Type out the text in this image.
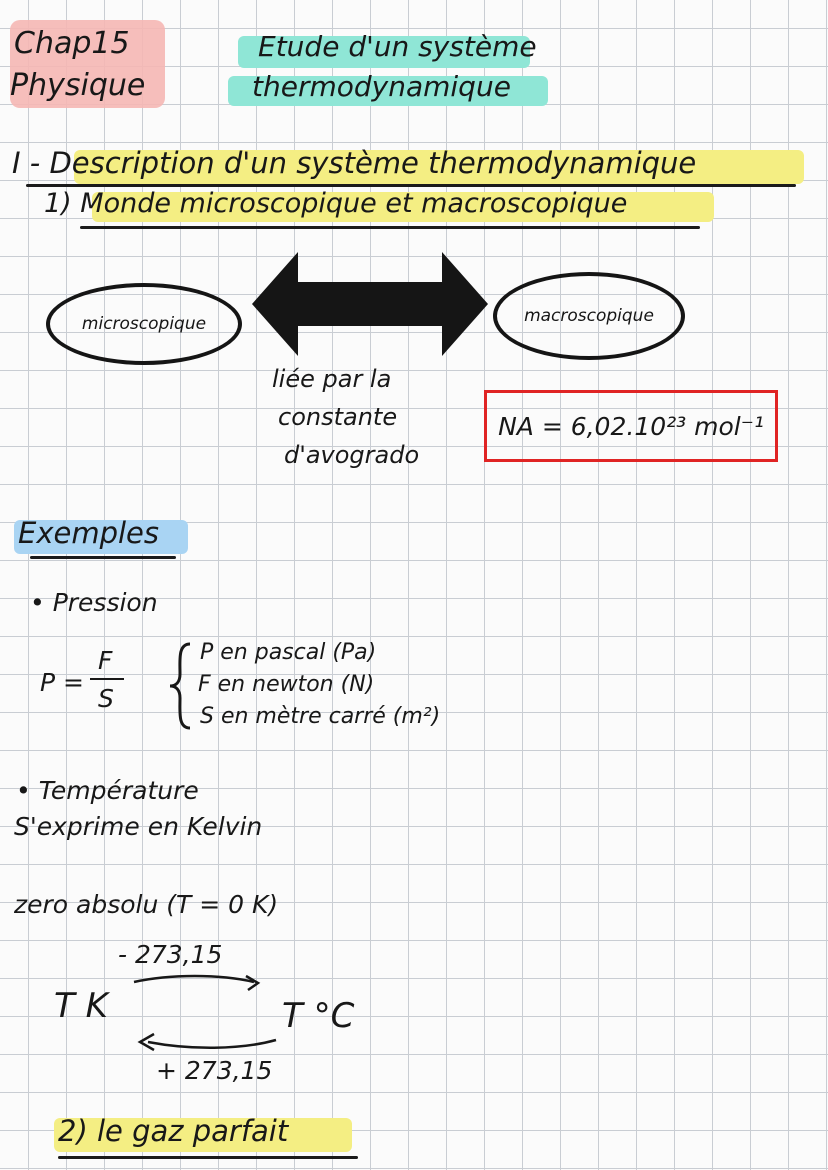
Chap15
Physique
Etude d'un système
thermodynamique
I - Description d'un système thermodynamique
1) Monde microscopique et macroscopique
microscopique	macroscopique
liée par la
constante
d'avogrado
NA = 6,02.10²³ mol⁻¹
Exemples
• Pression
P =
F
S
P en pascal (Pa)
F en newton (N)
S en mètre carré (m²)
• Température
S'exprime en Kelvin
zero absolu (T = 0 K)
- 273,15
T K	T °C
+ 273,15
2) le gaz parfait
